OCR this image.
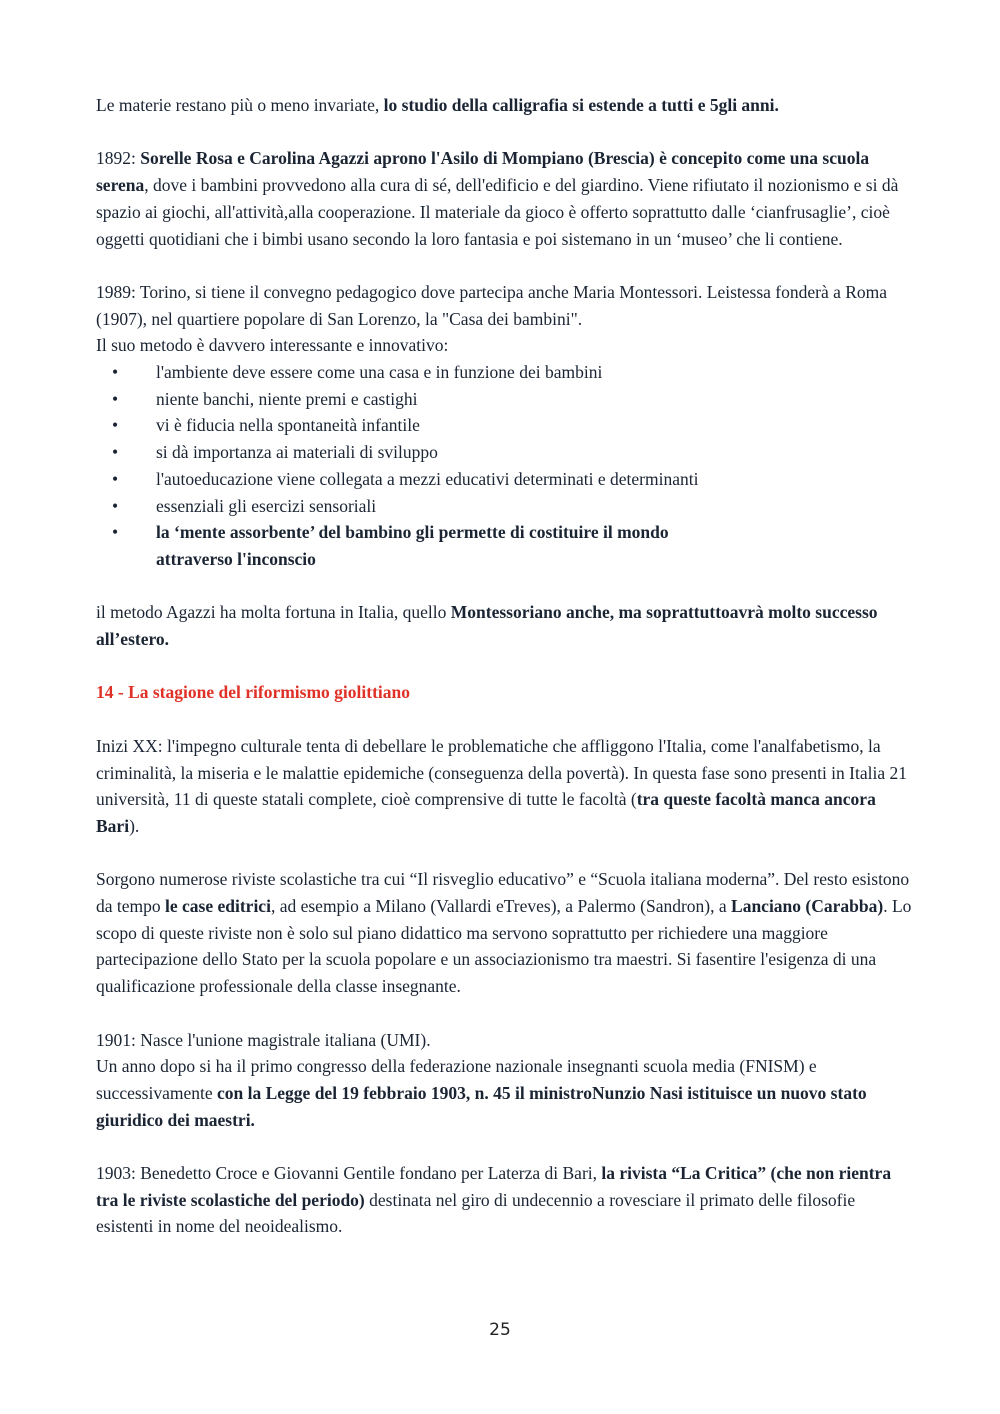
Le materie restano più o meno invariate, lo studio della calligrafia si estende a tutti e 5gli anni.

1892: Sorelle Rosa e Carolina Agazzi aprono l'Asilo di Mompiano (Brescia) è concepito come una scuola serena, dove i bambini provvedono alla cura di sé, dell'edificio e del giardino. Viene rifiutato il nozionismo e si dà spazio ai giochi, all'attività,alla cooperazione. Il materiale da gioco è offerto soprattutto dalle ‘cianfrusaglie’, cioè oggetti quotidiani che i bimbi usano secondo la loro fantasia e poi sistemano in un ‘museo’ che li contiene.

1989: Torino, si tiene il convegno pedagogico dove partecipa anche Maria Montessori. Leistessa fonderà a Roma (1907), nel quartiere popolare di San Lorenzo, la "Casa dei bambini".
Il suo metodo è davvero interessante e innovativo:

• l'ambiente deve essere come una casa e in funzione dei bambini
• niente banchi, niente premi e castighi
• vi è fiducia nella spontaneità infantile
• si dà importanza ai materiali di sviluppo
• l'autoeducazione viene collegata a mezzi educativi determinati e determinanti
• essenziali gli esercizi sensoriali
• la ‘mente assorbente’ del bambino gli permette di costituire il mondo
attraverso l'inconscio

il metodo Agazzi ha molta fortuna in Italia, quello Montessoriano anche, ma soprattuttoavrà molto successo all’estero.

14 - La stagione del riformismo giolittiano

Inizi XX: l'impegno culturale tenta di debellare le problematiche che affliggono l'Italia, come l'analfabetismo, la criminalità, la miseria e le malattie epidemiche (conseguenza della povertà). In questa fase sono presenti in Italia 21 università, 11 di queste statali complete, cioè comprensive di tutte le facoltà (tra queste facoltà manca ancora Bari).

Sorgono numerose riviste scolastiche tra cui “Il risveglio educativo” e “Scuola italiana moderna”. Del resto esistono da tempo le case editrici, ad esempio a Milano (Vallardi eTreves), a Palermo (Sandron), a Lanciano (Carabba). Lo scopo di queste riviste non è solo sul piano didattico ma servono soprattutto per richiedere una maggiore partecipazione dello Stato per la scuola popolare e un associazionismo tra maestri. Si fasentire l'esigenza di una qualificazione professionale della classe insegnante.

1901: Nasce l'unione magistrale italiana (UMI).
Un anno dopo si ha il primo congresso della federazione nazionale insegnanti scuola media (FNISM) e successivamente con la Legge del 19 febbraio 1903, n. 45 il ministroNunzio Nasi istituisce un nuovo stato giuridico dei maestri.

1903: Benedetto Croce e Giovanni Gentile fondano per Laterza di Bari, la rivista “La Critica” (che non rientra tra le riviste scolastiche del periodo) destinata nel giro di undecennio a rovesciare il primato delle filosofie esistenti in nome del neoidealismo.

25
